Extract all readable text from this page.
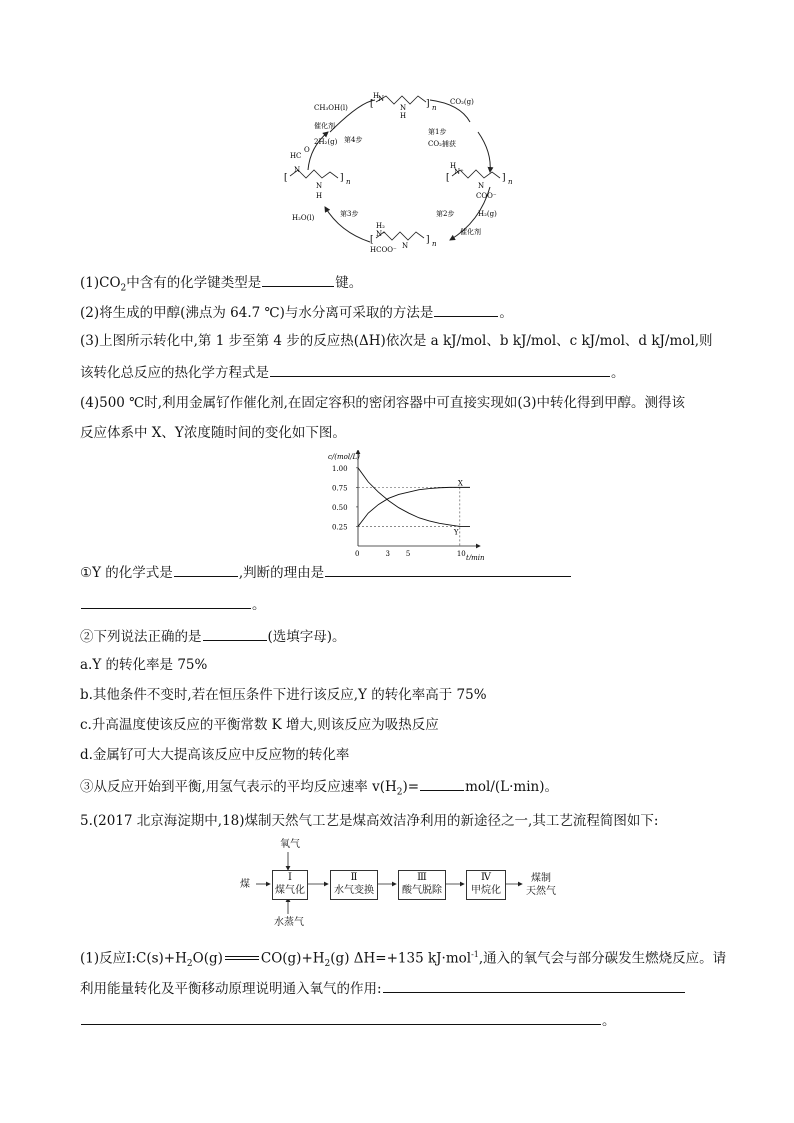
[
H
N
N
H
] n
[
H
N⁺
N
COO⁻
] n
[
H₂
N⁺
N
HCOO⁻
] n
H C
O
[
N
N
H
] n
CH₃OH(l)
催化剂
2H₂(g) 第4步
CO₂(g)
第1步
CO₂捕获
H₂(g)
第2步
催化剂
H₂O(l)	第3步
$(1)CO_2$中含有的化学键类型是	键。
(2)将生成的甲醇(沸点为 64.7 ℃)与水分离可采取的方法是	。
(3)上图所示转化中,第 1 步至第 4 步的反应热(ΔH)依次是 a kJ/mol、b kJ/mol、c kJ/mol、d kJ/mol,则
该转化总反应的热化学方程式是	。
(4)500 ℃时,利用金属钌作催化剂,在固定容积的密闭容器中可直接实现如(3)中转化得到甲醇。测得该
反应体系中 X、Y浓度随时间的变化如下图。
c/(mol/L)
t/min
1.00
0.75
0.50
0.25
0	3 5	10
X
Y
①Y 的化学式是	,判断的理由是
。
②下列说法正确的是	(选填字母)。
a.Y 的转化率是 75%
b.其他条件不变时,若在恒压条件下进行该反应,Y 的转化率高于 75%
c.升高温度使该反应的平衡常数 K 增大,则该反应为吸热反应
d.金属钌可大大提高该反应中反应物的转化率
③从反应开始到平衡,用氢气表示的平均反应速率 $v(H_2)=$	mol/(L·min)。
5.(2017 北京海淀期中,18)煤制天然气工艺是煤高效洁净利用的新途径之一,其工艺流程简图如下:
氧气
煤
水蒸气
Ⅰ
煤气化
Ⅱ
水气变换
Ⅲ
酸气脱除
Ⅳ
甲烷化
煤制
天然气
(1)反应$Ⅰ:C(s)+H_2O(g)$	$CO(g)+H_2(g)$ ΔH=+135 kJ·mol$^{-1}$,通入的氧气会与部分碳发生燃烧反应。请
利用能量转化及平衡移动原理说明通入氧气的作用:
。
